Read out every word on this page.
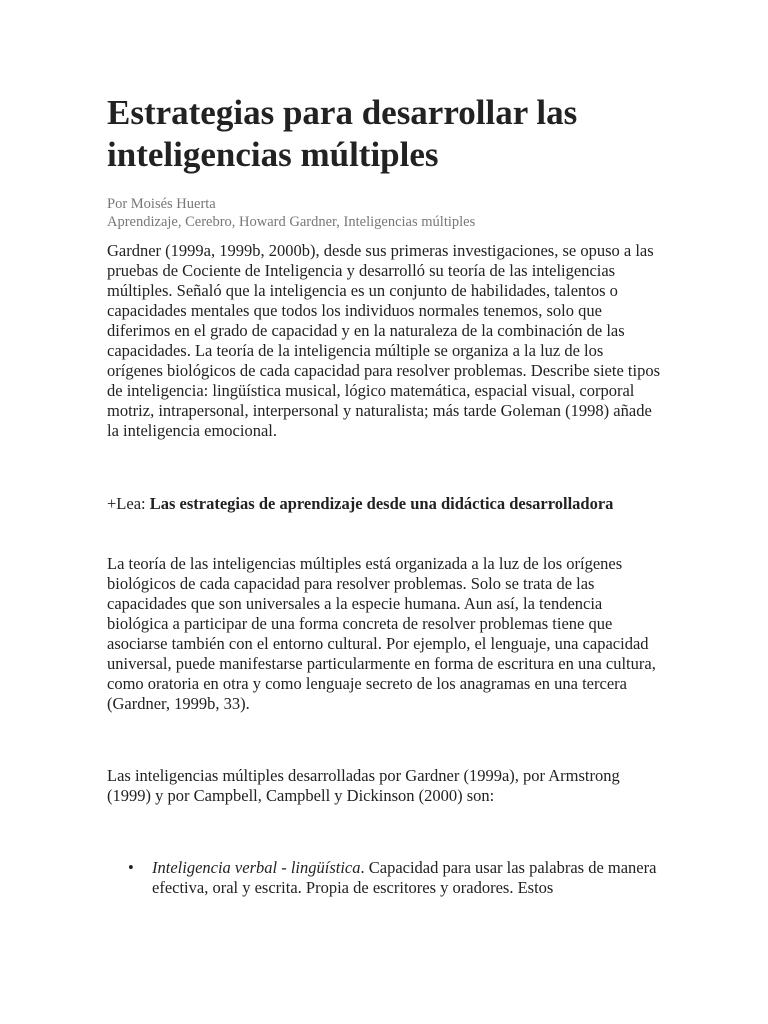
Estrategias para desarrollar las inteligencias múltiples
Por Moisés Huerta
Aprendizaje, Cerebro, Howard Gardner, Inteligencias múltiples

Gardner (1999a, 1999b, 2000b), desde sus primeras investigaciones, se opuso a las pruebas de Cociente de Inteligencia y desarrolló su teoría de las inteligencias múltiples. Señaló que la inteligencia es un conjunto de habilidades, talentos o capacidades mentales que todos los individuos normales tenemos, solo que diferimos en el grado de capacidad y en la naturaleza de la combinación de las capacidades. La teoría de la inteligencia múltiple se organiza a la luz de los orígenes biológicos de cada capacidad para resolver problemas. Describe siete tipos de inteligencia: lingüística musical, lógico matemática, espacial visual, corporal motriz, intrapersonal, interpersonal y naturalista; más tarde Goleman (1998) añade la inteligencia emocional.

+Lea: Las estrategias de aprendizaje desde una didáctica desarrolladora

La teoría de las inteligencias múltiples está organizada a la luz de los orígenes biológicos de cada capacidad para resolver problemas. Solo se trata de las capacidades que son universales a la especie humana. Aun así, la tendencia biológica a participar de una forma concreta de resolver problemas tiene que asociarse también con el entorno cultural. Por ejemplo, el lenguaje, una capacidad universal, puede manifestarse particularmente en forma de escritura en una cultura, como oratoria en otra y como lenguaje secreto de los anagramas en una tercera (Gardner, 1999b, 33).

Las inteligencias múltiples desarrolladas por Gardner (1999a), por Armstrong (1999) y por Campbell, Campbell y Dickinson (2000) son:

• Inteligencia verbal - lingüística. Capacidad para usar las palabras de manera efectiva, oral y escrita. Propia de escritores y oradores. Estos
